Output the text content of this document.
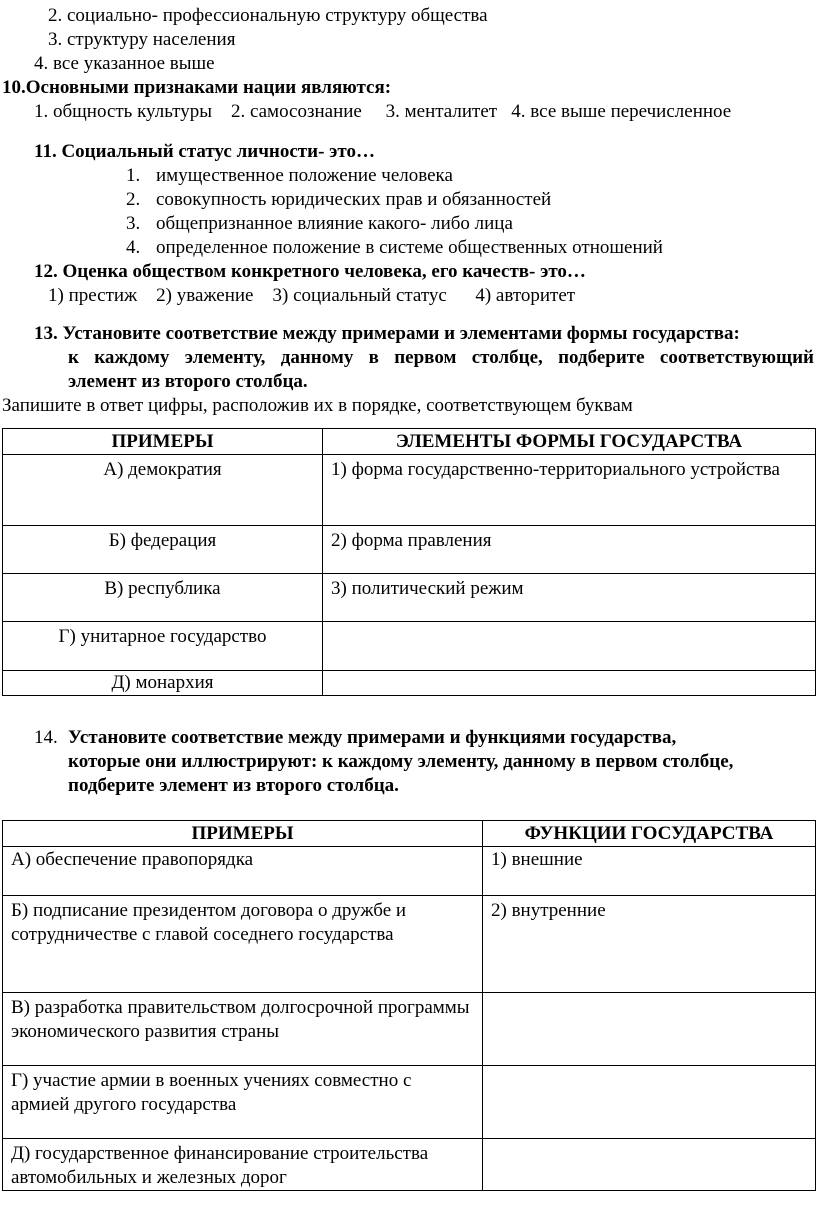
2. социально- профессиональную структуру общества
3. структуру населения
4. все указанное выше
10.Основными признаками нации являются:
1. общность культуры    2. самосознание     3. менталитет   4. все выше перечисленное
11. Социальный статус личности- это…
1. имущественное положение человека
2. совокупность юридических прав и обязанностей
3. общепризнанное влияние какого- либо лица
4. определенное положение в системе общественных отношений
12. Оценка обществом конкретного человека, его качеств- это…
1) престиж    2) уважение    3) социальный статус      4) авторитет
13. Установите соответствие между примерами и элементами формы государства:
к каждому элементу, данному в первом столбце, подберите соответствующий
элемент из второго столбца.
Запишите в ответ цифры, расположив их в порядке, соответствующем буквам
ПРИМЕРЫ	ЭЛЕМЕНТЫ ФОРМЫ ГОСУДАРСТВА
А) демократия	1) форма государственно-территориального устройства
Б) федерация	2) форма правления
В) республика	3) политический режим
Г) унитарное государство	
Д) монархия	
14. Установите соответствие между примерами и функциями государства,
которые они иллюстрируют: к каждому элементу, данному в первом столбце,
подберите элемент из второго столбца.
ПРИМЕРЫ	ФУНКЦИИ ГОСУДАРСТВА
А) обеспечение правопорядка	1) внешние
Б) подписание президентом договора о дружбе и сотрудничестве с главой соседнего государства	2) внутренние
В) разработка правительством долгосрочной программы экономического развития страны	
Г) участие армии в военных учениях совместно с армией другого государства	
Д) государственное финансирование строительства автомобильных и железных дорог	
